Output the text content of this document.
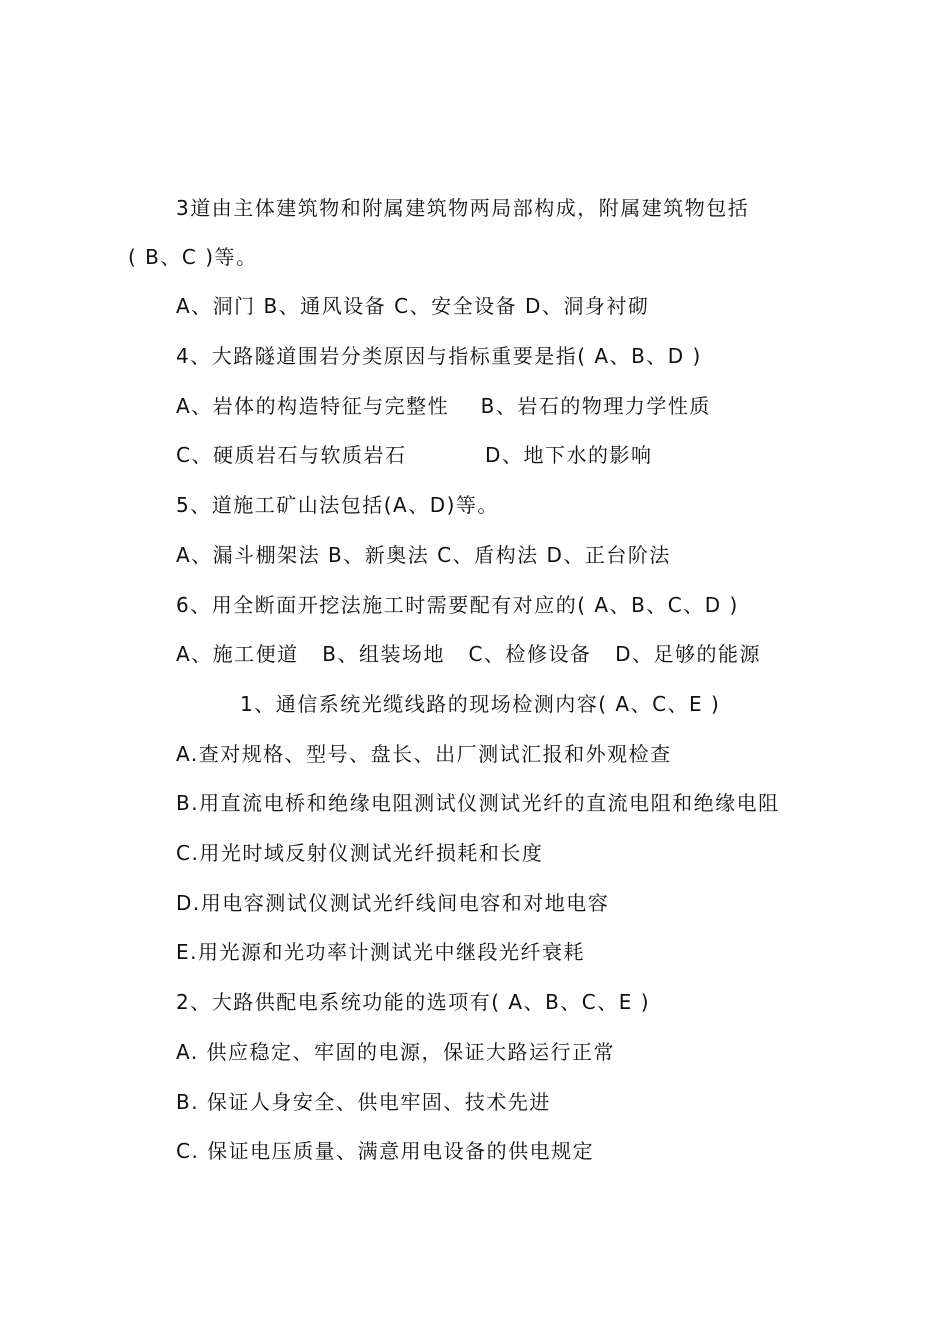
3道由主体建筑物和附属建筑物两局部构成，附属建筑物包括
( B、C )等。
A、洞门 B、通风设备 C、安全设备 D、洞身衬砌
4、大路隧道围岩分类原因与指标重要是指( A、B、D )
A、岩体的构造特征与完整性    B、岩石的物理力学性质
C、硬质岩石与软质岩石          D、地下水的影响
5、道施工矿山法包括(A、D)等。
A、漏斗棚架法 B、新奥法 C、盾构法 D、正台阶法
6、用全断面开挖法施工时需要配有对应的( A、B、C、D )
A、施工便道   B、组装场地   C、检修设备   D、足够的能源
1、通信系统光缆线路的现场检测内容( A、C、E )
A.查对规格、型号、盘长、出厂测试汇报和外观检查
B.用直流电桥和绝缘电阻测试仪测试光纤的直流电阻和绝缘电阻
C.用光时域反射仪测试光纤损耗和长度
D.用电容测试仪测试光纤线间电容和对地电容
E.用光源和光功率计测试光中继段光纤衰耗
2、大路供配电系统功能的选项有( A、B、C、E )
A. 供应稳定、牢固的电源，保证大路运行正常
B. 保证人身安全、供电牢固、技术先进
C. 保证电压质量、满意用电设备的供电规定
